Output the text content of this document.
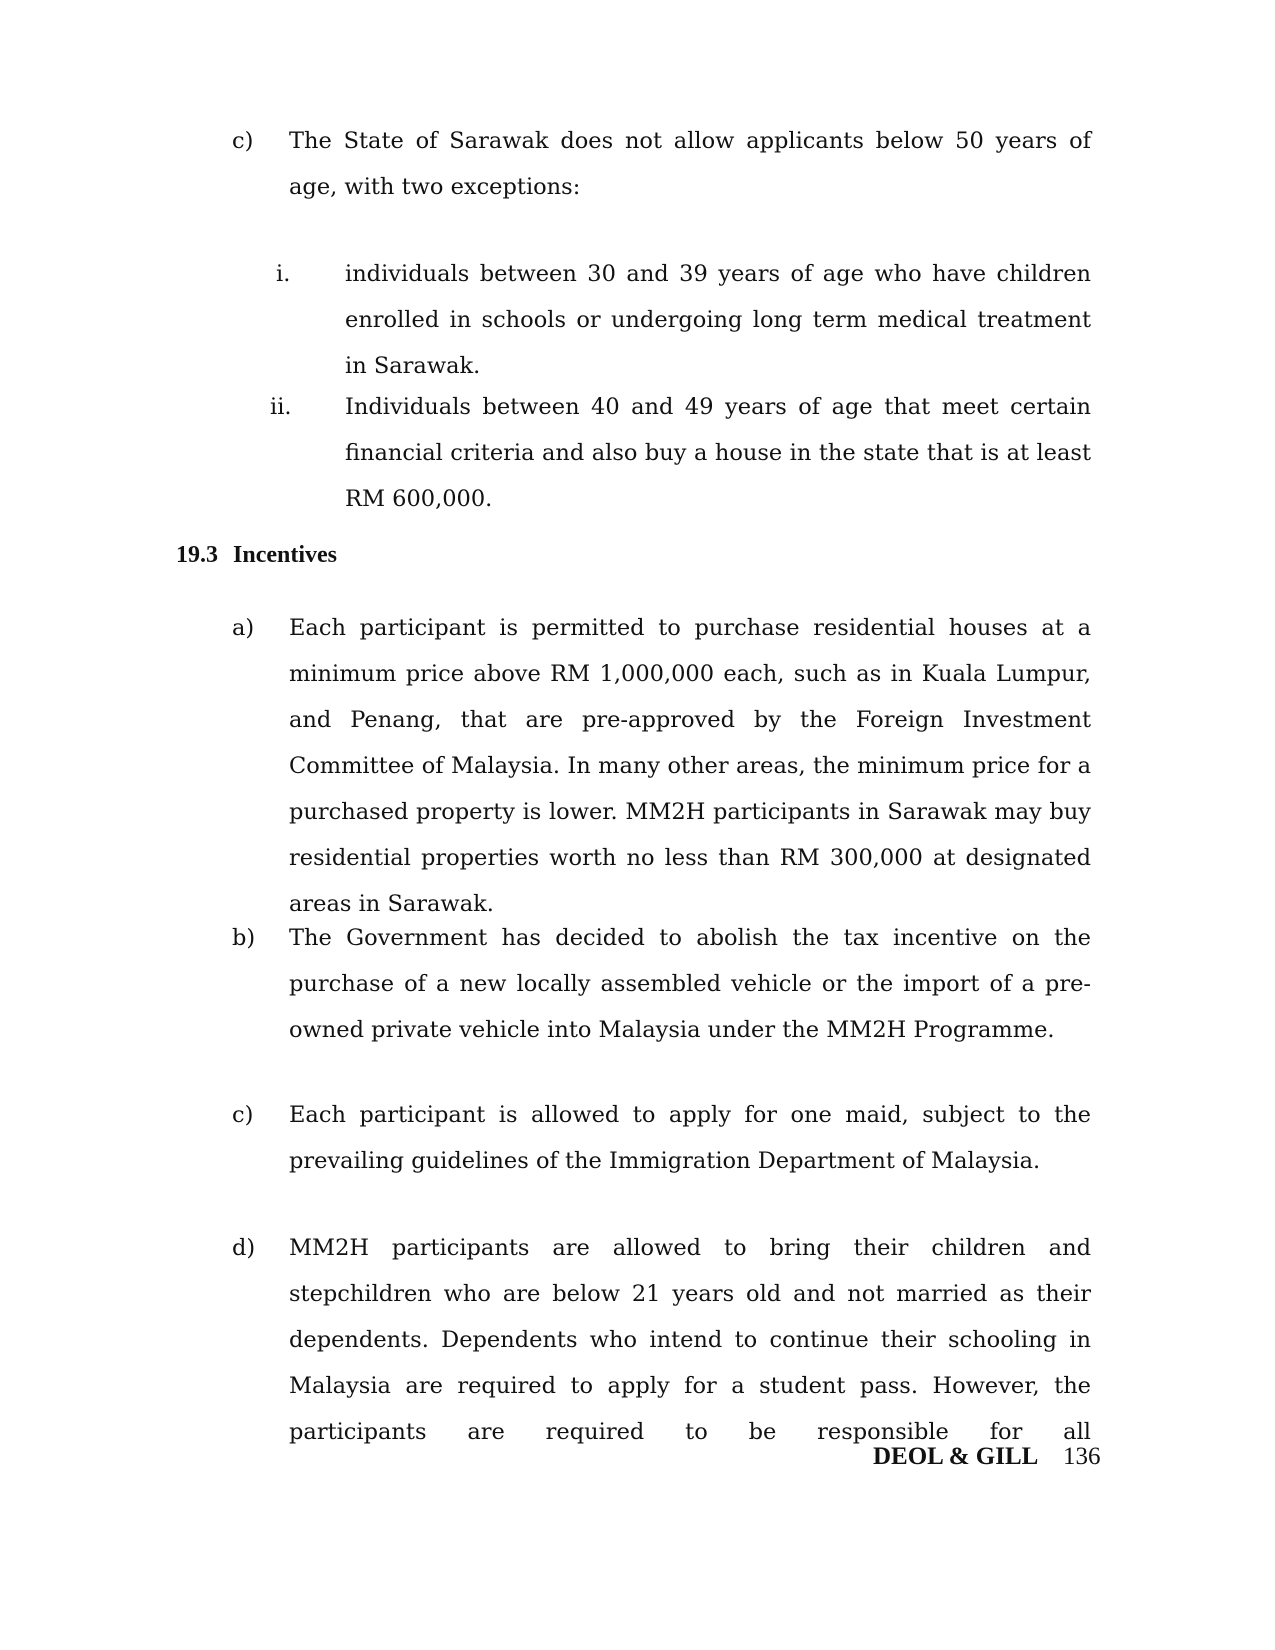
c) The State of Sarawak does not allow applicants below 50 years of age, with two exceptions:

i. individuals between 30 and 39 years of age who have children enrolled in schools or undergoing long term medical treatment in Sarawak.

ii. Individuals between 40 and 49 years of age that meet certain financial criteria and also buy a house in the state that is at least RM 600,000.

19.3 Incentives
a) Each participant is permitted to purchase residential houses at a minimum price above RM 1,000,000 each, such as in Kuala Lumpur, and Penang, that are pre-approved by the Foreign Investment Committee of Malaysia. In many other areas, the minimum price for a purchased property is lower. MM2H participants in Sarawak may buy residential properties worth no less than RM 300,000 at designated areas in Sarawak.

b) The Government has decided to abolish the tax incentive on the purchase of a new locally assembled vehicle or the import of a pre-owned private vehicle into Malaysia under the MM2H Programme.

c) Each participant is allowed to apply for one maid, subject to the prevailing guidelines of the Immigration Department of Malaysia.

d) MM2H participants are allowed to bring their children and stepchildren who are below 21 years old and not married as their dependents. Dependents who intend to continue their schooling in Malaysia are required to apply for a student pass. However, the participants are required to be responsible for all

DEOL & GILL 136
